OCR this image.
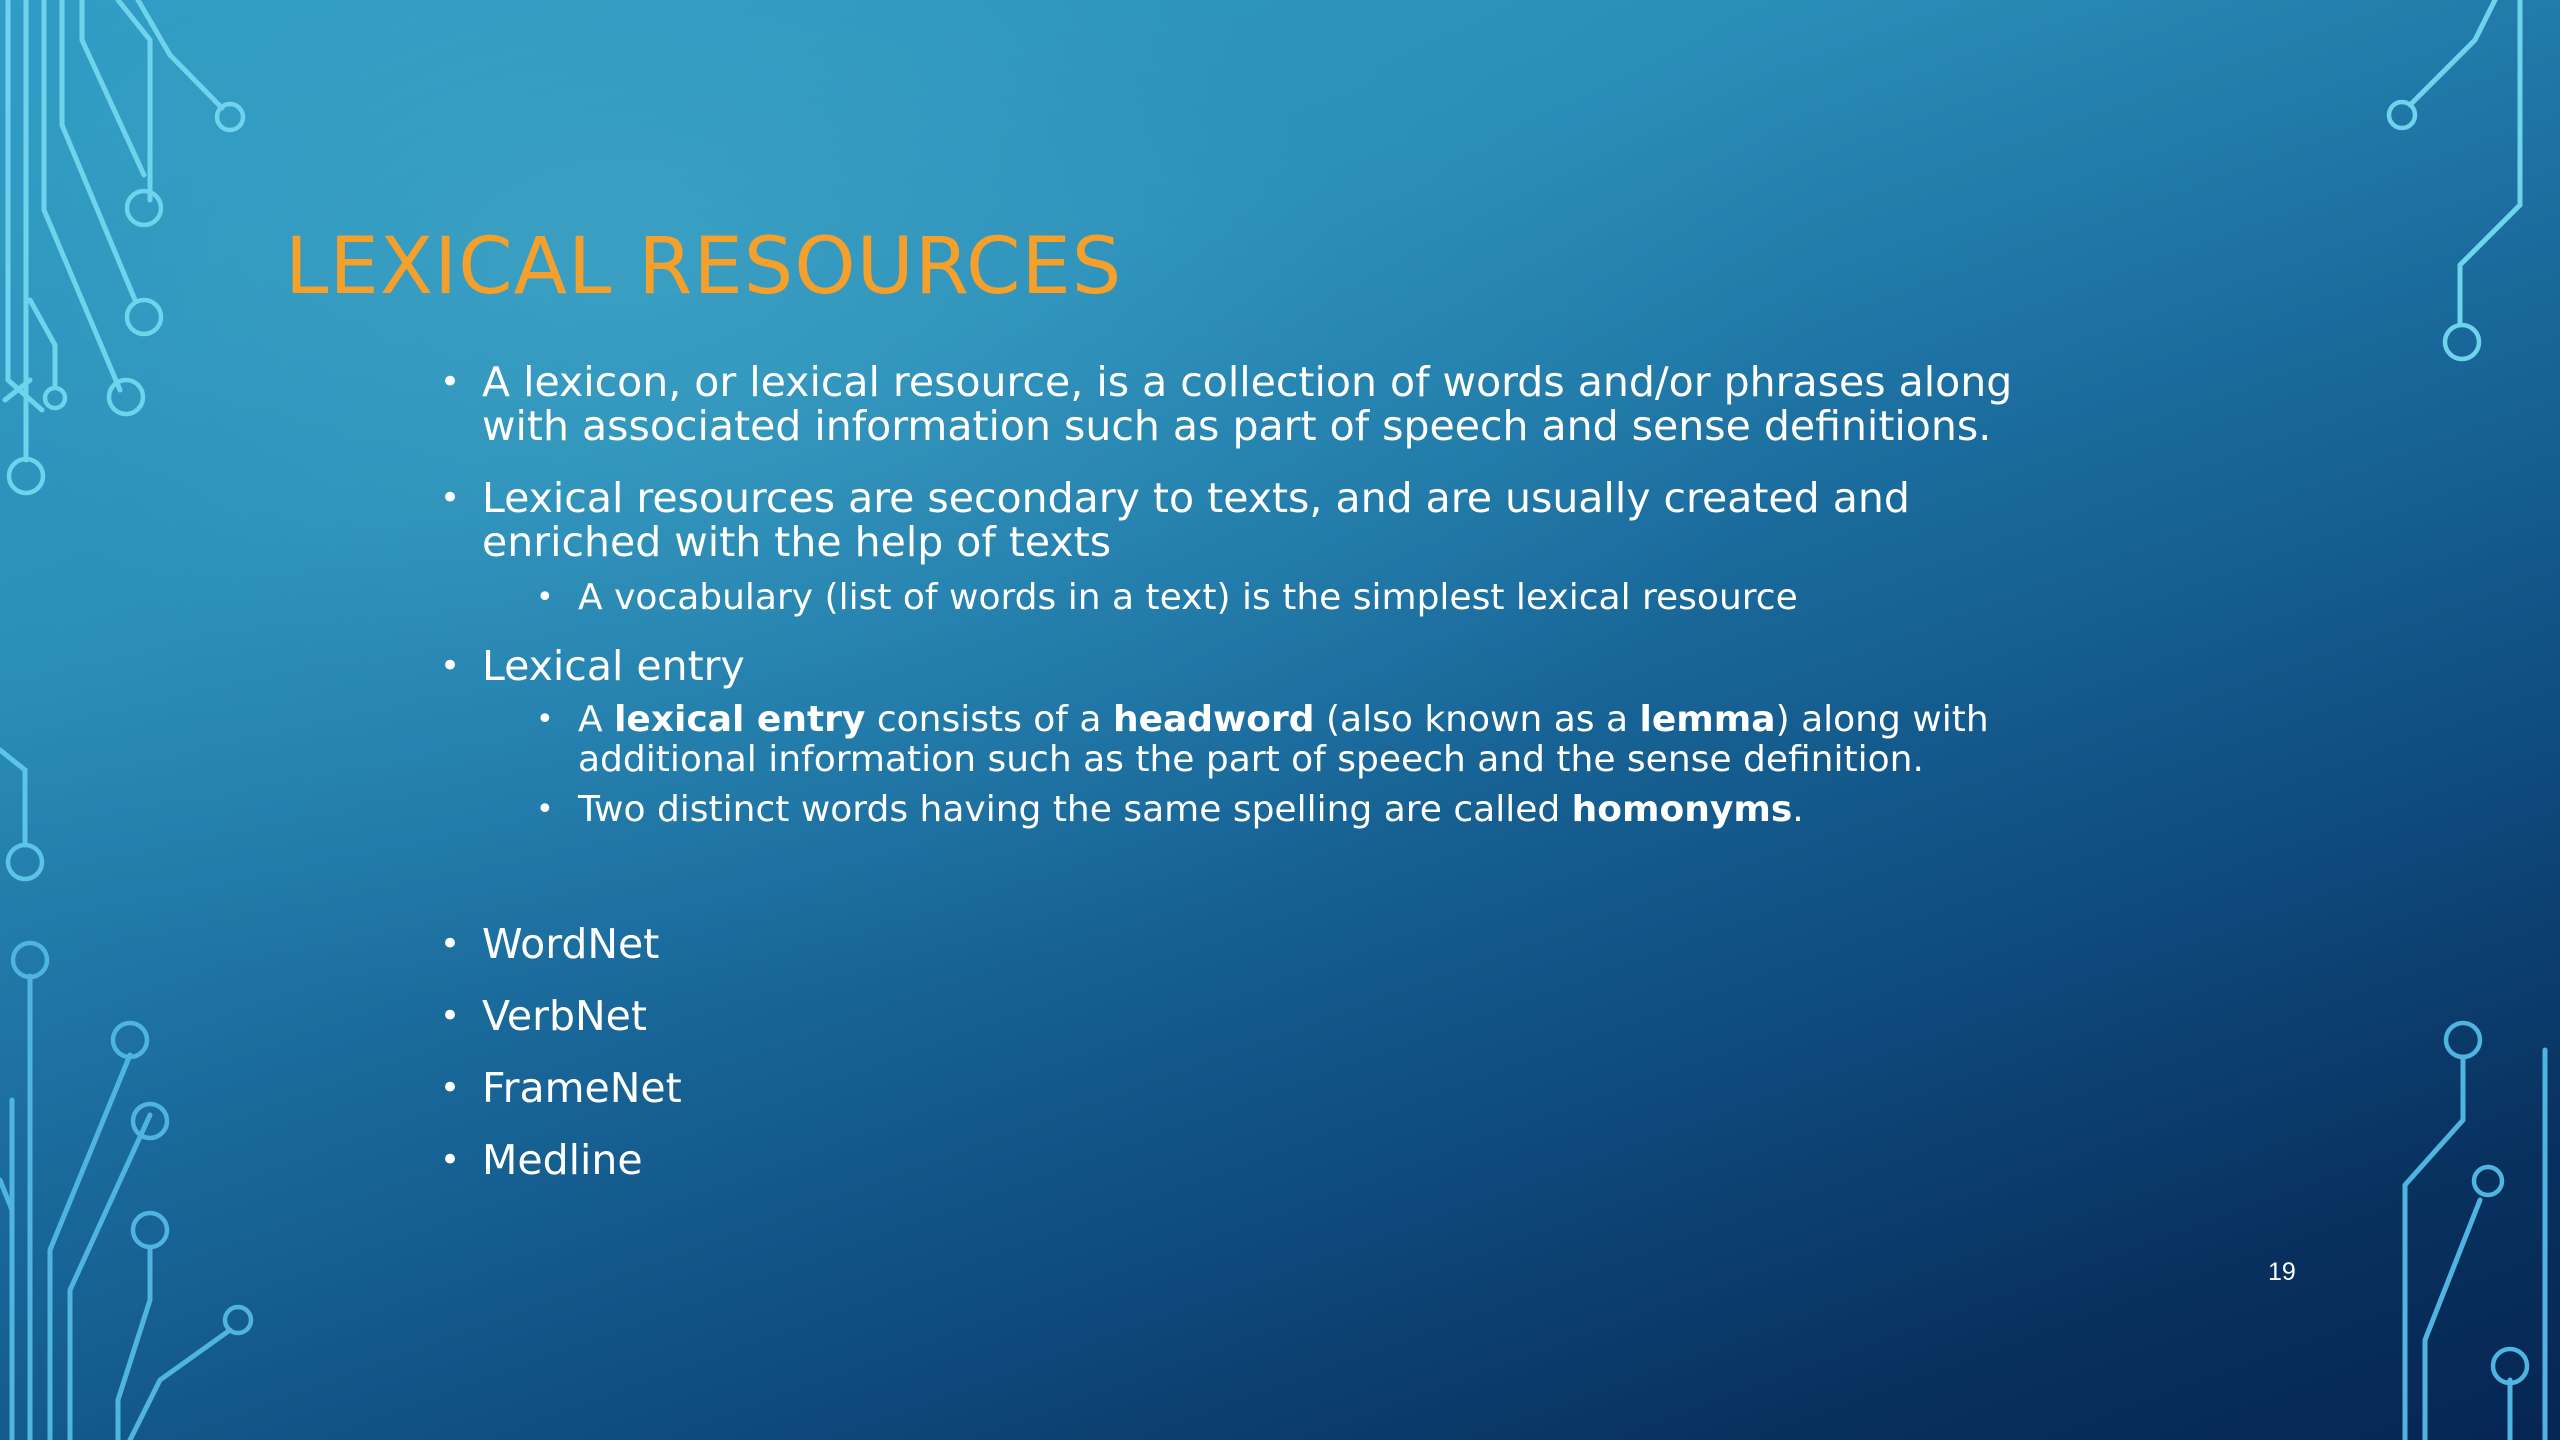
LEXICAL RESOURCES
• A lexicon, or lexical resource, is a collection of words and/or phrases along
with associated information such as part of speech and sense definitions.
• Lexical resources are secondary to texts, and are usually created and
enriched with the help of texts
• A vocabulary (list of words in a text) is the simplest lexical resource
• Lexical entry
• A lexical entry consists of a headword (also known as a lemma) along with
additional information such as the part of speech and the sense definition.
• Two distinct words having the same spelling are called homonyms.
• WordNet
• VerbNet
• FrameNet
• Medline
19
